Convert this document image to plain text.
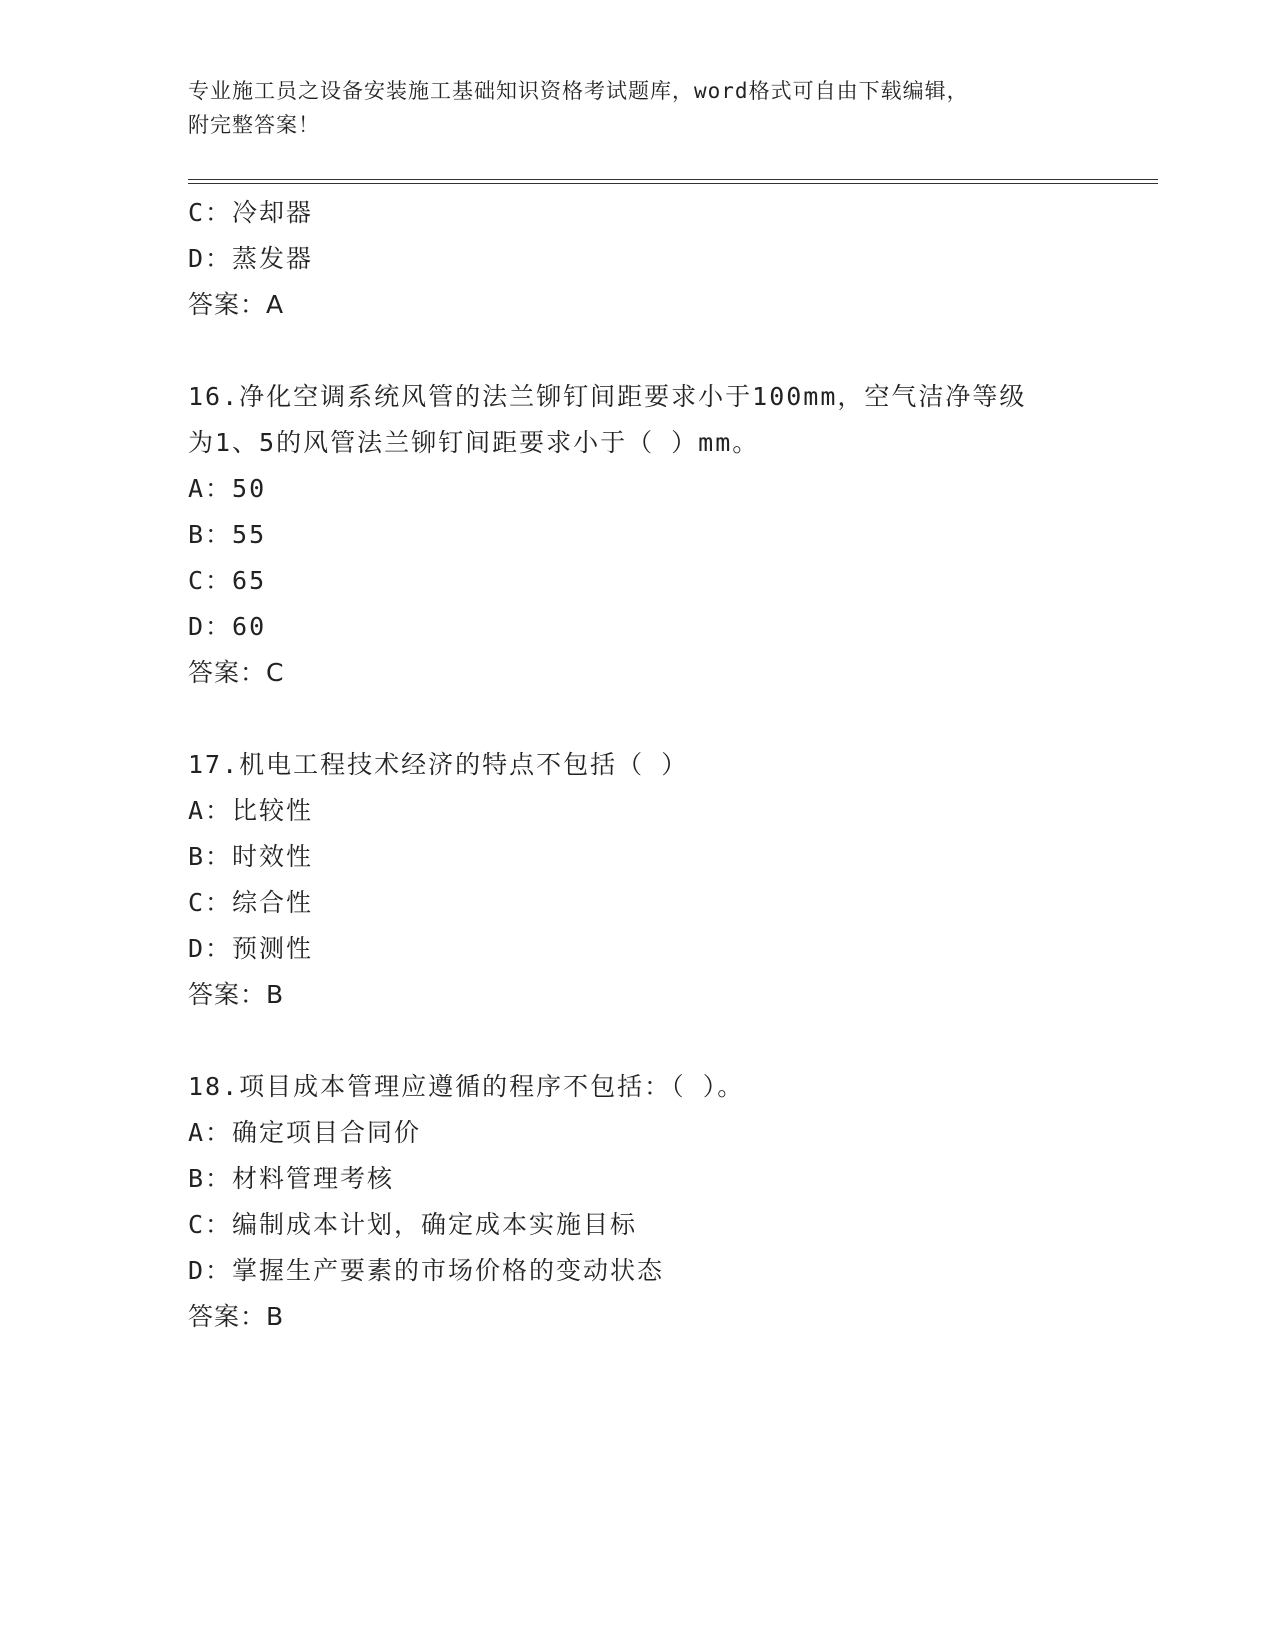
专业施工员之设备安装施工基础知识资格考试题库，word格式可自由下载编辑，
附完整答案！
C：冷却器
D：蒸发器
答案：A
16.净化空调系统风管的法兰铆钉间距要求小于100mm，空气洁净等级
为1、5的风管法兰铆钉间距要求小于（ ）mm。
A：50
B：55
C：65
D：60
答案：C
17.机电工程技术经济的特点不包括（ ）
A：比较性
B：时效性
C：综合性
D：预测性
答案：B
18.项目成本管理应遵循的程序不包括：（ ）。
A：确定项目合同价
B：材料管理考核
C：编制成本计划，确定成本实施目标
D：掌握生产要素的市场价格的变动状态
答案：B
